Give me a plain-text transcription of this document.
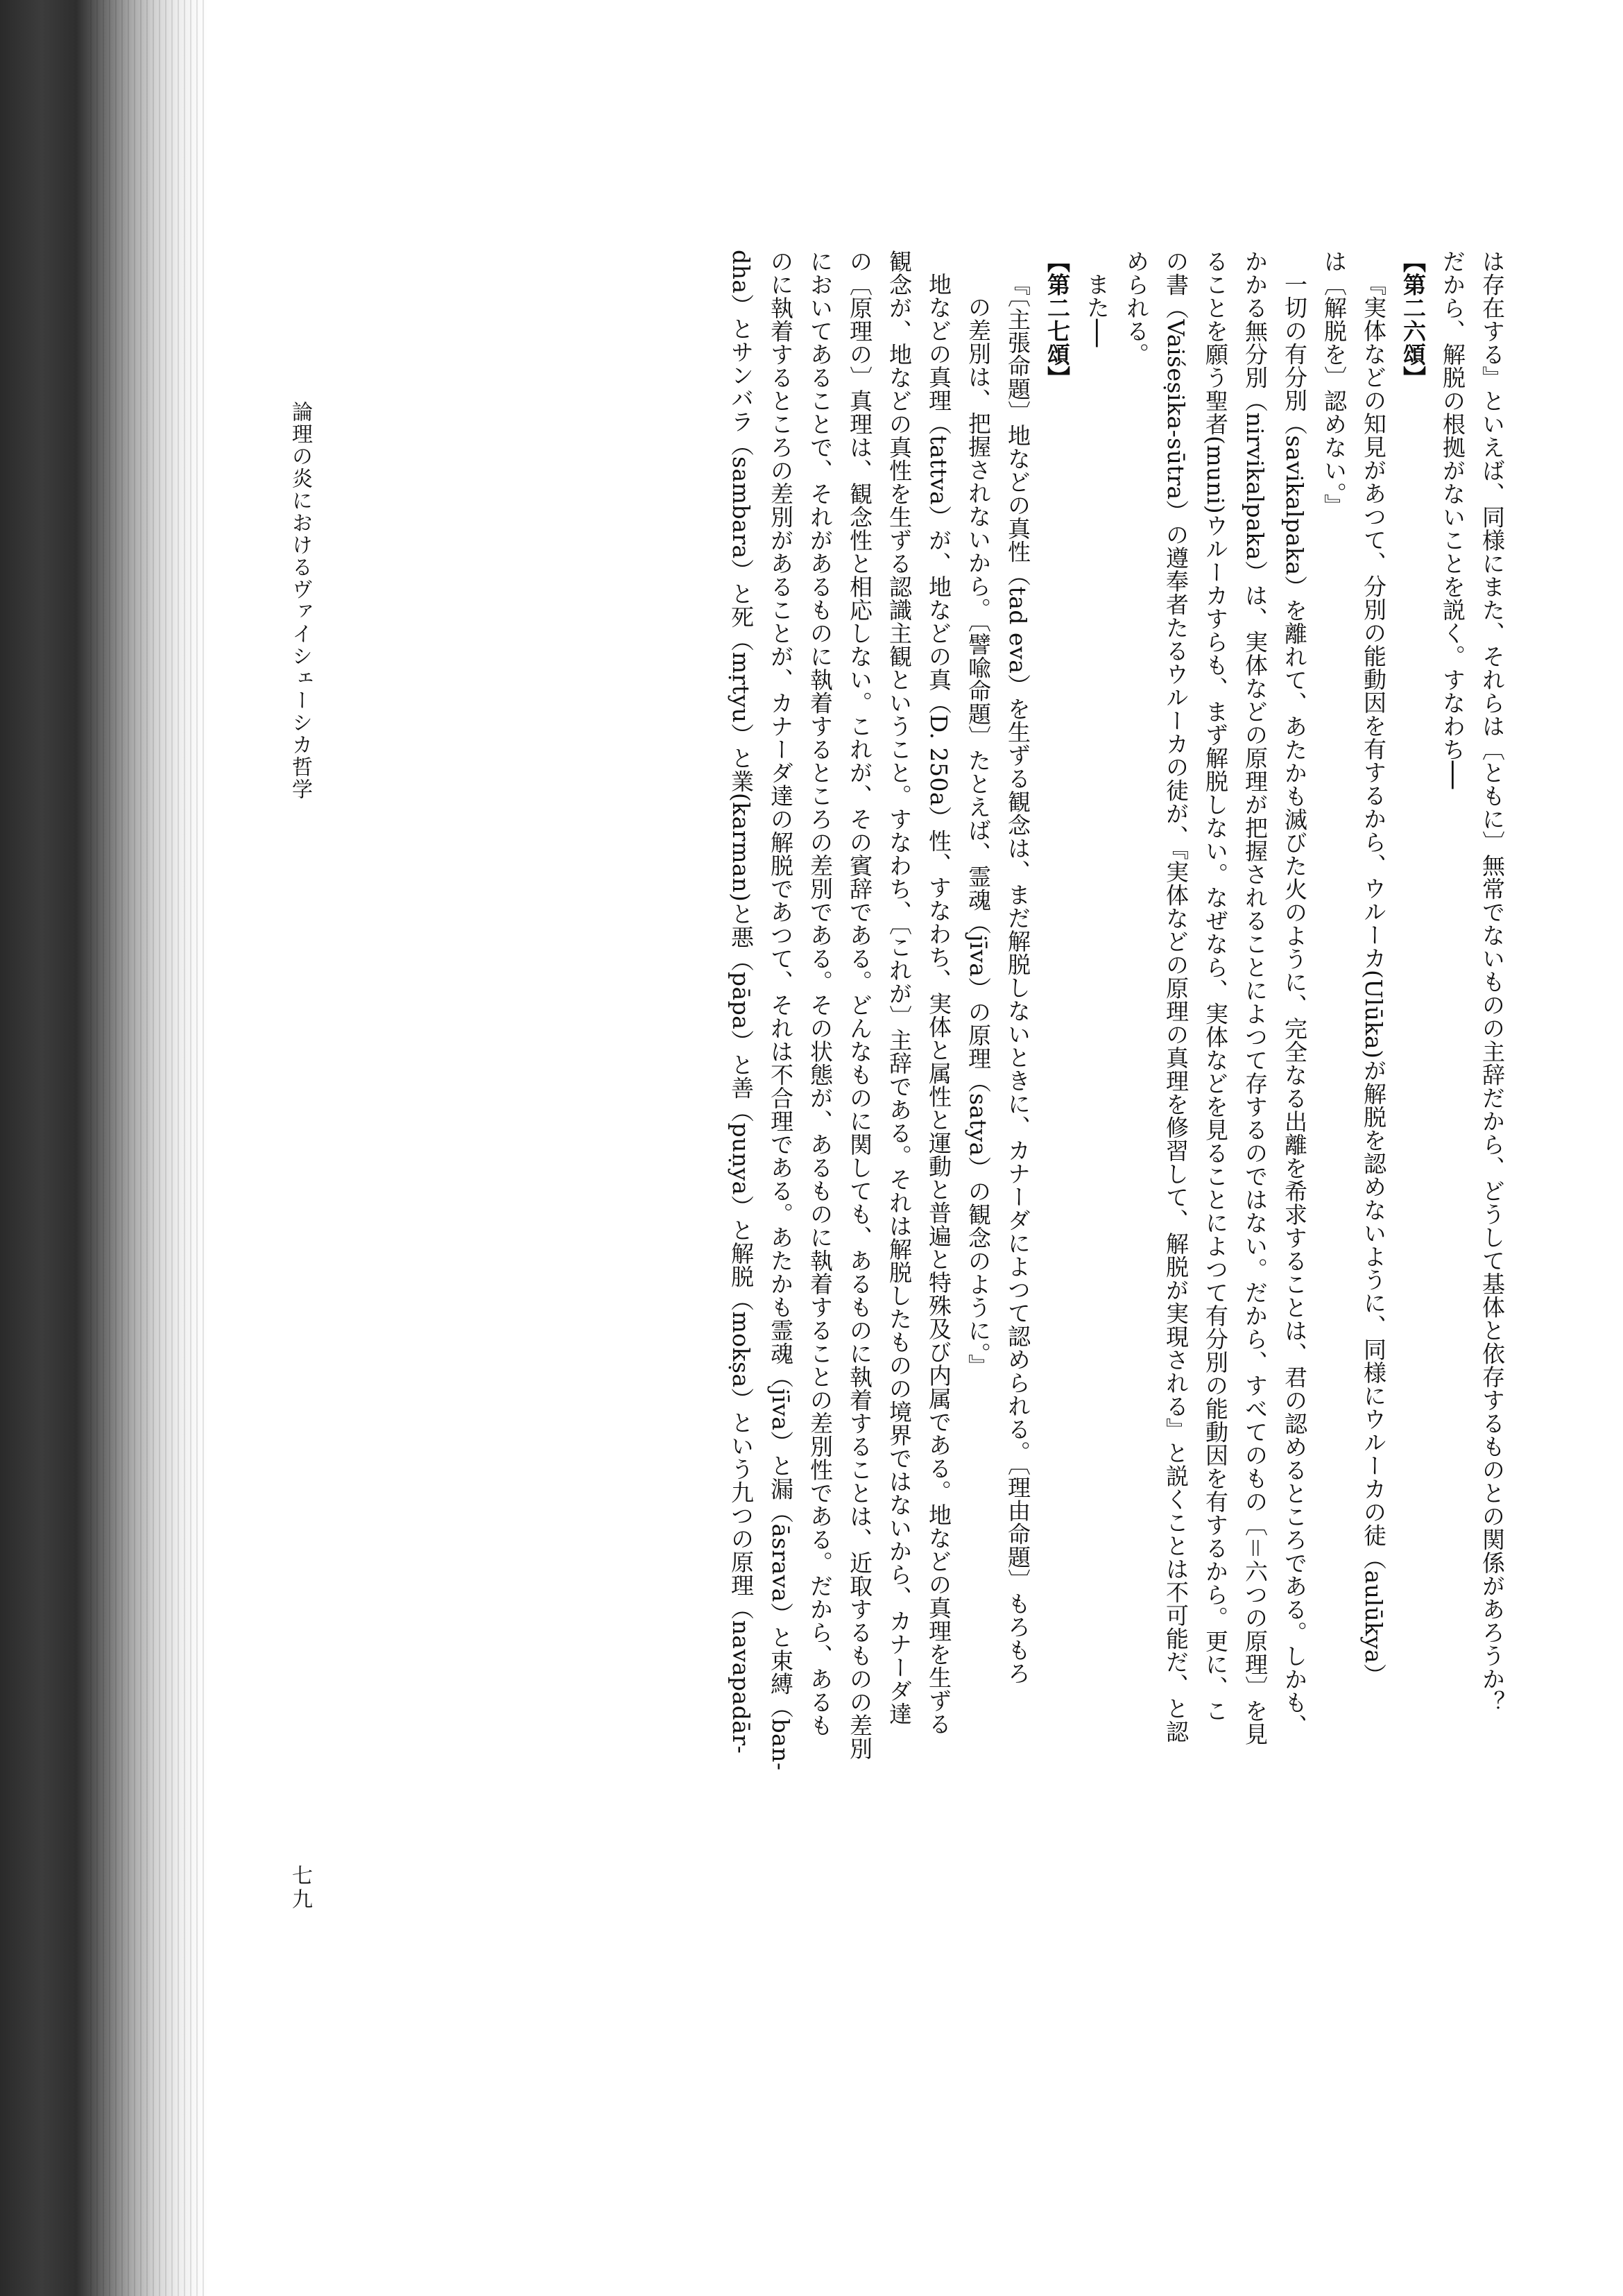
は存在する』といえば、同様にまた、それらは〔ともに〕無常でないものの主辞だから、どうして基体と依存するものとの関係があろうか？
だから、解脱の根拠がないことを説く。すなわち──
【第二六頌】
『実体などの知見があつて、分別の能動因を有するから、ウルーカ(Ulūka)が解脱を認めないように、同様にウルーカの徒（aulūkya）
は〔解脱を〕認めない。』
一切の有分別（savikalpaka）を離れて、あたかも滅びた火のように、完全なる出離を希求することは、君の認めるところである。しかも、
かかる無分別（nirvikalpaka）は、実体などの原理が把握されることによつて存するのではない。だから、すべてのもの〔＝六つの原理〕を見
ることを願う聖者(muni)ウルーカすらも、まず解脱しない。なぜなら、実体などを見ることによつて有分別の能動因を有するから。更に、こ
の書（Vaiśeṣika-sūtra）の遵奉者たるウルーカの徒が、『実体などの原理の真理を修習して、解脱が実現される』と説くことは不可能だ、と認
められる。
また──
【第二七頌】
『〔主張命題〕地などの真性（tad eva）を生ずる観念は、まだ解脱しないときに、カナーダによつて認められる。〔理由命題〕もろもろ
の差別は、把握されないから。〔譬喩命題〕たとえば、霊魂（jīva）の原理（satya）の観念のように。』
地などの真理（tattva）が、地などの真（D. 250a）性、すなわち、実体と属性と運動と普遍と特殊及び内属である。地などの真理を生ずる
観念が、地などの真性を生ずる認識主観ということ。すなわち、〔これが〕主辞である。それは解脱したものの境界ではないから、カナーダ達
の〔原理の〕真理は、観念性と相応しない。これが、その賓辞である。どんなものに関しても、あるものに執着することは、近取するものの差別
においてあることで、それがあるものに執着するところの差別である。その状態が、あるものに執着することの差別性である。だから、あるも
のに執着するところの差別があることが、カナーダ達の解脱であつて、それは不合理である。あたかも霊魂（jīva）と漏（āsrava）と束縛（ban-
dha）とサンバラ（sambara）と死（mṛtyu）と業(karman)と悪（pāpa）と善（puṇya）と解脱（mokṣa）という九つの原理（navapadār-
論理の炎におけるヴァイシェーシカ哲学
七九
